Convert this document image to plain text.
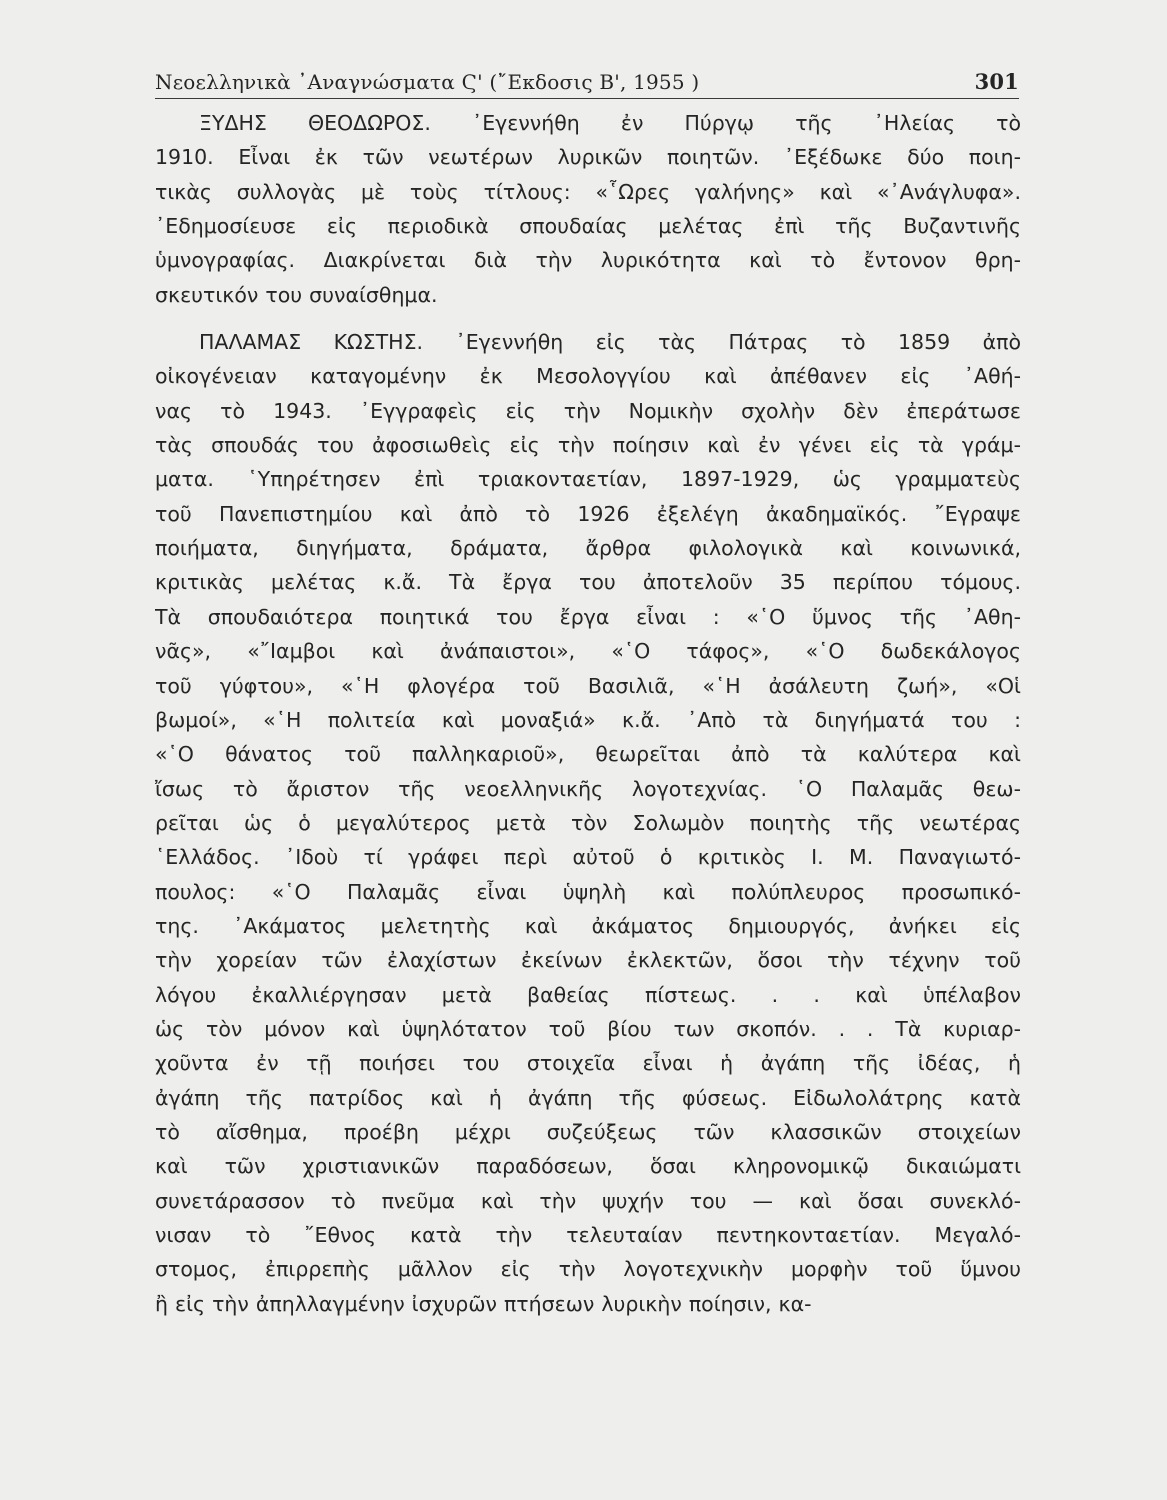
Νεοελληνικὰ ᾿Αναγνώσματα Ϛ' (῎Εκδοσις Β', 1955 )	301
ΞΥΔΗΣ ΘΕΟΔΩΡΟΣ. ᾿Εγεννήθη ἐν Πύργῳ τῆς ᾿Ηλείας τὸ
1910. Εἶναι ἐκ τῶν νεωτέρων λυρικῶν ποιητῶν. ᾿Εξέδωκε δύο ποιη-
τικὰς συλλογὰς μὲ τοὺς τίτλους: «῟Ωρες γαλήνης» καὶ «᾿Ανάγλυφα».
᾿Εδημοσίευσε εἰς περιοδικὰ σπουδαίας μελέτας ἐπὶ τῆς Βυζαντινῆς
ὑμνογραφίας. Διακρίνεται διὰ τὴν λυρικότητα καὶ τὸ ἔντονον θρη-
σκευτικόν του συναίσθημα.
ΠΑΛΑΜΑΣ ΚΩΣΤΗΣ. ᾿Εγεννήθη εἰς τὰς Πάτρας τὸ 1859 ἀπὸ
οἰκογένειαν καταγομένην ἐκ Μεσολογγίου καὶ ἀπέθανεν εἰς ᾿Αθή-
νας τὸ 1943. ᾿Εγγραφεὶς εἰς τὴν Νομικὴν σχολὴν δὲν ἐπεράτωσε
τὰς σπουδάς του ἀφοσιωθεὶς εἰς τὴν ποίησιν καὶ ἐν γένει εἰς τὰ γράμ-
ματα. ῾Υπηρέτησεν ἐπὶ τριακονταετίαν, 1897-1929, ὡς γραμματεὺς
τοῦ Πανεπιστημίου καὶ ἀπὸ τὸ 1926 ἐξελέγη ἀκαδημαϊκός. ῎Εγραψε
ποιήματα, διηγήματα, δράματα, ἄρθρα φιλολογικὰ καὶ κοινωνικά,
κριτικὰς μελέτας κ.ἄ. Τὰ ἔργα του ἀποτελοῦν 35 περίπου τόμους.
Τὰ σπουδαιότερα ποιητικά του ἔργα εἶναι : «῾Ο ὕμνος τῆς ᾿Αθη-
νᾶς», «῎Ιαμβοι καὶ ἀνάπαιστοι», «῾Ο τάφος», «῾Ο δωδεκάλογος
τοῦ γύφτου», «῾Η φλογέρα τοῦ Βασιλιᾶ, «῾Η ἀσάλευτη ζωή», «Οἱ
βωμοί», «῾Η πολιτεία καὶ μοναξιά» κ.ἄ. ᾿Απὸ τὰ διηγήματά του :
«῾Ο θάνατος τοῦ παλληκαριοῦ», θεωρεῖται ἀπὸ τὰ καλύτερα καὶ
ἴσως τὸ ἄριστον τῆς νεοελληνικῆς λογοτεχνίας. ῾Ο Παλαμᾶς θεω-
ρεῖται ὡς ὁ μεγαλύτερος μετὰ τὸν Σολωμὸν ποιητὴς τῆς νεωτέρας
῾Ελλάδος. ᾿Ιδοὺ τί γράφει περὶ αὐτοῦ ὁ κριτικὸς Ι. Μ. Παναγιωτό-
πουλος: «῾Ο Παλαμᾶς εἶναι ὑψηλὴ καὶ πολύπλευρος προσωπικό-
της. ᾿Ακάματος μελετητὴς καὶ ἀκάματος δημιουργός, ἀνήκει εἰς
τὴν χορείαν τῶν ἐλαχίστων ἐκείνων ἐκλεκτῶν, ὅσοι τὴν τέχνην τοῦ
λόγου ἐκαλλιέργησαν μετὰ βαθείας πίστεως. . . καὶ ὑπέλαβον
ὡς τὸν μόνον καὶ ὑψηλότατον τοῦ βίου των σκοπόν. . . Τὰ κυριαρ-
χοῦντα ἐν τῇ ποιήσει του στοιχεῖα εἶναι ἡ ἀγάπη τῆς ἰδέας, ἡ
ἀγάπη τῆς πατρίδος καὶ ἡ ἀγάπη τῆς φύσεως. Εἰδωλολάτρης κατὰ
τὸ αἴσθημα, προέβη μέχρι συζεύξεως τῶν κλασσικῶν στοιχείων
καὶ τῶν χριστιανικῶν παραδόσεων, ὅσαι κληρονομικῷ δικαιώματι
συνετάρασσον τὸ πνεῦμα καὶ τὴν ψυχήν του — καὶ ὅσαι συνεκλό-
νισαν τὸ ῎Εθνος κατὰ τὴν τελευταίαν πεντηκονταετίαν. Μεγαλό-
στομος, ἐπιρρεπὴς μᾶλλον εἰς τὴν λογοτεχνικὴν μορφὴν τοῦ ὕμνου
ἢ εἰς τὴν ἀπηλλαγμένην ἰσχυρῶν πτήσεων λυρικὴν ποίησιν, κα-
